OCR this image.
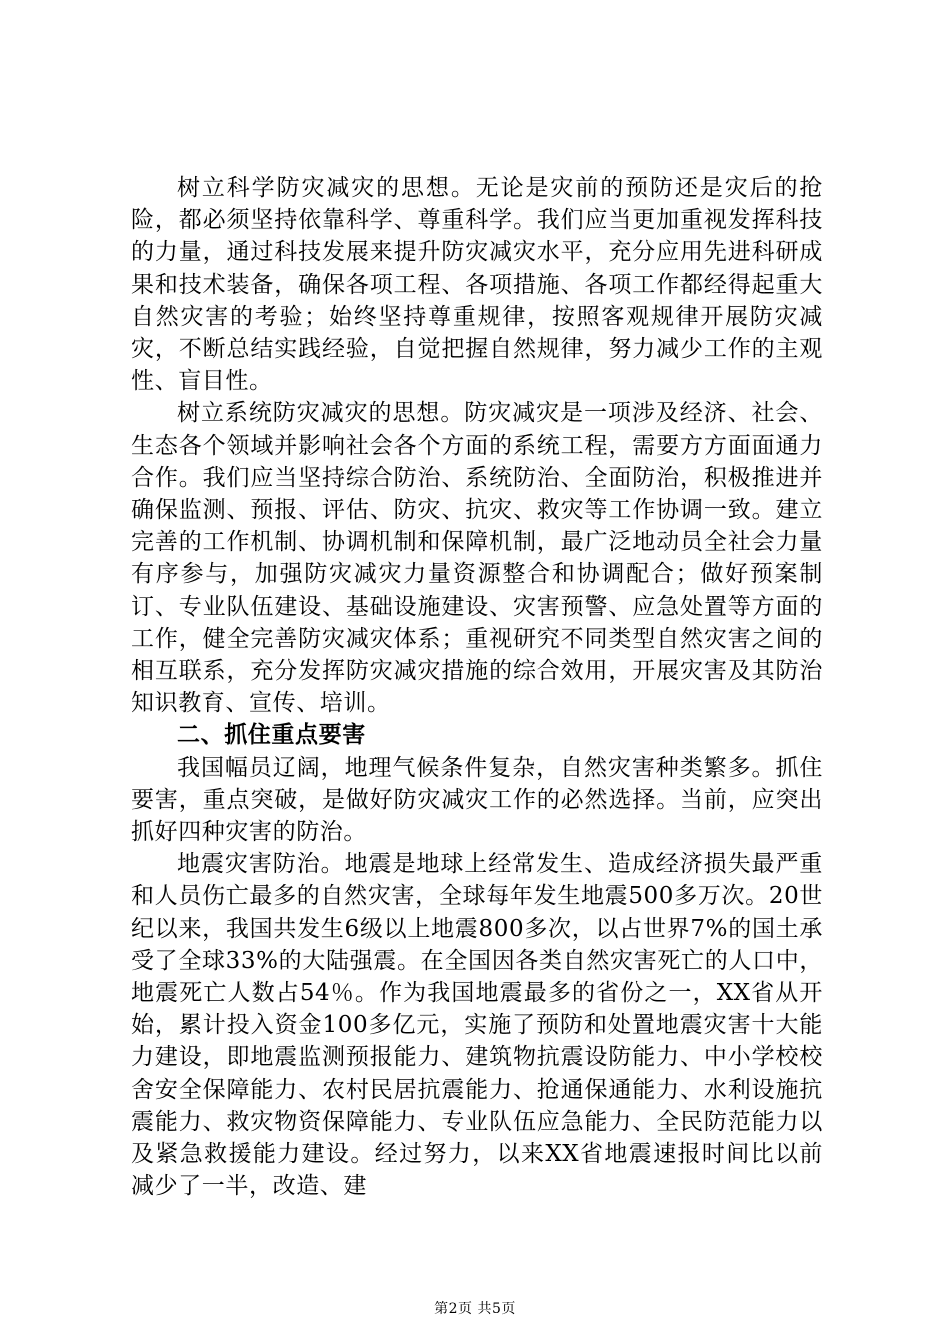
树立科学防灾减灾的思想。无论是灾前的预防还是灾后的抢险，都必须坚持依靠科学、尊重科学。我们应当更加重视发挥科技的力量，通过科技发展来提升防灾减灾水平，充分应用先进科研成果和技术装备，确保各项工程、各项措施、各项工作都经得起重大自然灾害的考验；始终坚持尊重规律，按照客观规律开展防灾减灾，不断总结实践经验，自觉把握自然规律，努力减少工作的主观性、盲目性。

树立系统防灾减灾的思想。防灾减灾是一项涉及经济、社会、生态各个领域并影响社会各个方面的系统工程，需要方方面面通力合作。我们应当坚持综合防治、系统防治、全面防治，积极推进并确保监测、预报、评估、防灾、抗灾、救灾等工作协调一致。建立完善的工作机制、协调机制和保障机制，最广泛地动员全社会力量有序参与，加强防灾减灾力量资源整合和协调配合；做好预案制订、专业队伍建设、基础设施建设、灾害预警、应急处置等方面的工作，健全完善防灾减灾体系；重视研究不同类型自然灾害之间的相互联系，充分发挥防灾减灾措施的综合效用，开展灾害及其防治知识教育、宣传、培训。

二、抓住重点要害

我国幅员辽阔，地理气候条件复杂，自然灾害种类繁多。抓住要害，重点突破，是做好防灾减灾工作的必然选择。当前，应突出抓好四种灾害的防治。

地震灾害防治。地震是地球上经常发生、造成经济损失最严重和人员伤亡最多的自然灾害，全球每年发生地震500多万次。20世纪以来，我国共发生6级以上地震800多次，以占世界7%的国土承受了全球33%的大陆强震。在全国因各类自然灾害死亡的人口中，地震死亡人数占54％。作为我国地震最多的省份之一，XX省从开始，累计投入资金100多亿元，实施了预防和处置地震灾害十大能力建设，即地震监测预报能力、建筑物抗震设防能力、中小学校校舍安全保障能力、农村民居抗震能力、抢通保通能力、水利设施抗震能力、救灾物资保障能力、专业队伍应急能力、全民防范能力以及紧急救援能力建设。经过努力，以来XX省地震速报时间比以前减少了一半，改造、建

第2页 共5页
